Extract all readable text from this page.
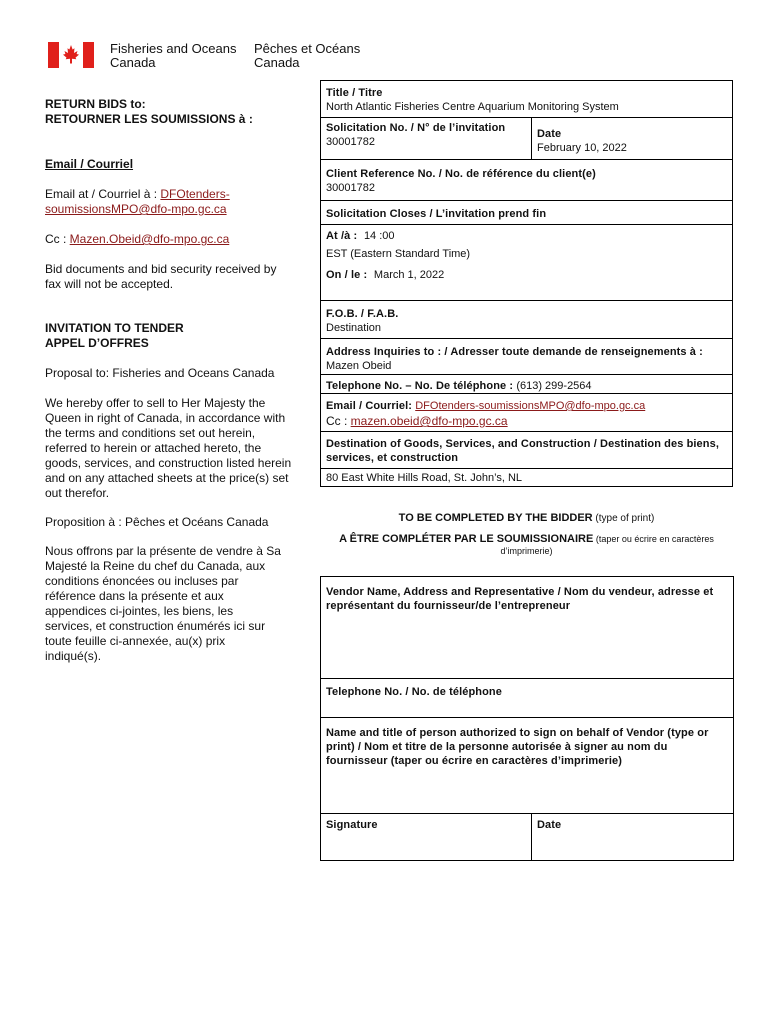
Fisheries and Oceans
Canada
Pêches et Océans
Canada
RETURN BIDS to:
RETOURNER LES SOUMISSIONS à :
Email / Courriel
Email at / Courriel à : DFOtenders-
soumissionsMPO@dfo-mpo.gc.ca
Cc : Mazen.Obeid@dfo-mpo.gc.ca
Bid documents and bid security received by
fax will not be accepted.
INVITATION TO TENDER
APPEL D’OFFRES
Proposal to: Fisheries and Oceans Canada
We hereby offer to sell to Her Majesty the
Queen in right of Canada, in accordance with
the terms and conditions set out herein,
referred to herein or attached hereto, the
goods, services, and construction listed herein
and on any attached sheets at the price(s) set
out therefor.
Proposition à : Pêches et Océans Canada
Nous offrons par la présente de vendre à Sa
Majesté la Reine du chef du Canada, aux
conditions énoncées ou incluses par
référence dans la présente et aux
appendices ci-jointes, les biens, les
services, et construction énumérés ici sur
toute feuille ci-annexée, au(x) prix
indiqué(s).
Title / Titre
North Atlantic Fisheries Centre Aquarium Monitoring System
Solicitation No. / N° de l’invitation
30001782
Date
February 10, 2022
Client Reference No. / No. de référence du client(e)
30001782
Solicitation Closes / L’invitation prend fin
At /à : 14 :00
EST (Eastern Standard Time)
On / le : March 1, 2022
F.O.B. / F.A.B.
Destination
Address Inquiries to : / Adresser toute demande de renseignements à :
Mazen Obeid
Telephone No. – No. De téléphone : (613) 299-2564
Email / Courriel: DFOtenders-soumissionsMPO@dfo-mpo.gc.ca
Cc : mazen.obeid@dfo-mpo.gc.ca
Destination of Goods, Services, and Construction / Destination des biens,
services, et construction
80 East White Hills Road, St. John’s, NL
TO BE COMPLETED BY THE BIDDER (type of print)
A ÊTRE COMPLÉTER PAR LE SOUMISSIONAIRE (taper ou écrire en caractères
d’imprimerie)
Vendor Name, Address and Representative / Nom du vendeur, adresse et
représentant du fournisseur/de l’entrepreneur
Telephone No. / No. de téléphone
Name and title of person authorized to sign on behalf of Vendor (type or
print) / Nom et titre de la personne autorisée à signer au nom du
fournisseur (taper ou écrire en caractères d’imprimerie)
Signature	Date
